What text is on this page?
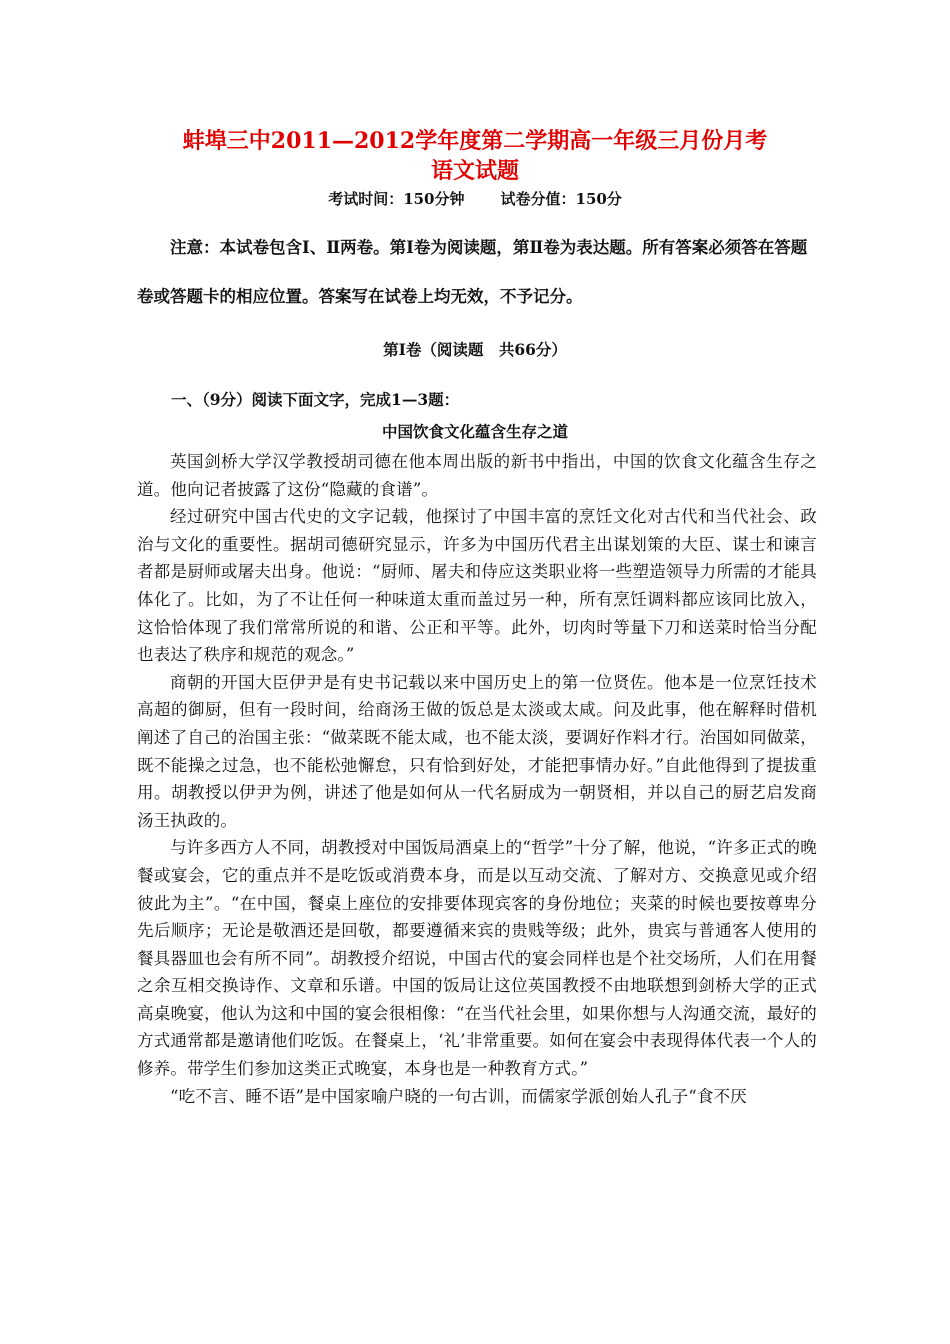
蚌埠三中2011—2012学年度第二学期高一年级三月份月考
语文试题
考试时间：150分钟 试卷分值：150分
注意：本试卷包含Ⅰ、Ⅱ两卷。第Ⅰ卷为阅读题，第Ⅱ卷为表达题。所有答案必须答在答题卷或答题卡的相应位置。答案写在试卷上均无效，不予记分。
第Ⅰ卷（阅读题　共66分）
一、（9分）阅读下面文字，完成1—3题：
中国饮食文化蕴含生存之道

英国剑桥大学汉学教授胡司德在他本周出版的新书中指出，中国的饮食文化蕴含生存之道。他向记者披露了这份“隐藏的食谱”。

经过研究中国古代史的文字记载，他探讨了中国丰富的烹饪文化对古代和当代社会、政治与文化的重要性。据胡司德研究显示，许多为中国历代君主出谋划策的大臣、谋士和谏言者都是厨师或屠夫出身。他说：“厨师、屠夫和侍应这类职业将一些塑造领导力所需的才能具体化了。比如，为了不让任何一种味道太重而盖过另一种，所有烹饪调料都应该同比放入，这恰恰体现了我们常常所说的和谐、公正和平等。此外，切肉时等量下刀和送菜时恰当分配也表达了秩序和规范的观念。”

商朝的开国大臣伊尹是有史书记载以来中国历史上的第一位贤佐。他本是一位烹饪技术高超的御厨，但有一段时间，给商汤王做的饭总是太淡或太咸。问及此事，他在解释时借机阐述了自己的治国主张：“做菜既不能太咸，也不能太淡，要调好作料才行。治国如同做菜，既不能操之过急，也不能松弛懈怠，只有恰到好处，才能把事情办好。”自此他得到了提拔重用。胡教授以伊尹为例，讲述了他是如何从一代名厨成为一朝贤相，并以自己的厨艺启发商汤王执政的。

与许多西方人不同，胡教授对中国饭局酒桌上的“哲学”十分了解，他说，“许多正式的晚餐或宴会，它的重点并不是吃饭或消费本身，而是以互动交流、了解对方、交换意见或介绍彼此为主”。“在中国，餐桌上座位的安排要体现宾客的身份地位；夹菜的时候也要按尊卑分先后顺序；无论是敬酒还是回敬，都要遵循来宾的贵贱等级；此外，贵宾与普通客人使用的餐具器皿也会有所不同”。胡教授介绍说，中国古代的宴会同样也是个社交场所，人们在用餐之余互相交换诗作、文章和乐谱。中国的饭局让这位英国教授不由地联想到剑桥大学的正式高桌晚宴，他认为这和中国的宴会很相像：“在当代社会里，如果你想与人沟通交流，最好的方式通常都是邀请他们吃饭。在餐桌上，‘礼’非常重要。如何在宴会中表现得体代表一个人的修养。带学生们参加这类正式晚宴，本身也是一种教育方式。”

“吃不言、睡不语”是中国家喻户晓的一句古训，而儒家学派创始人孔子“食不厌
